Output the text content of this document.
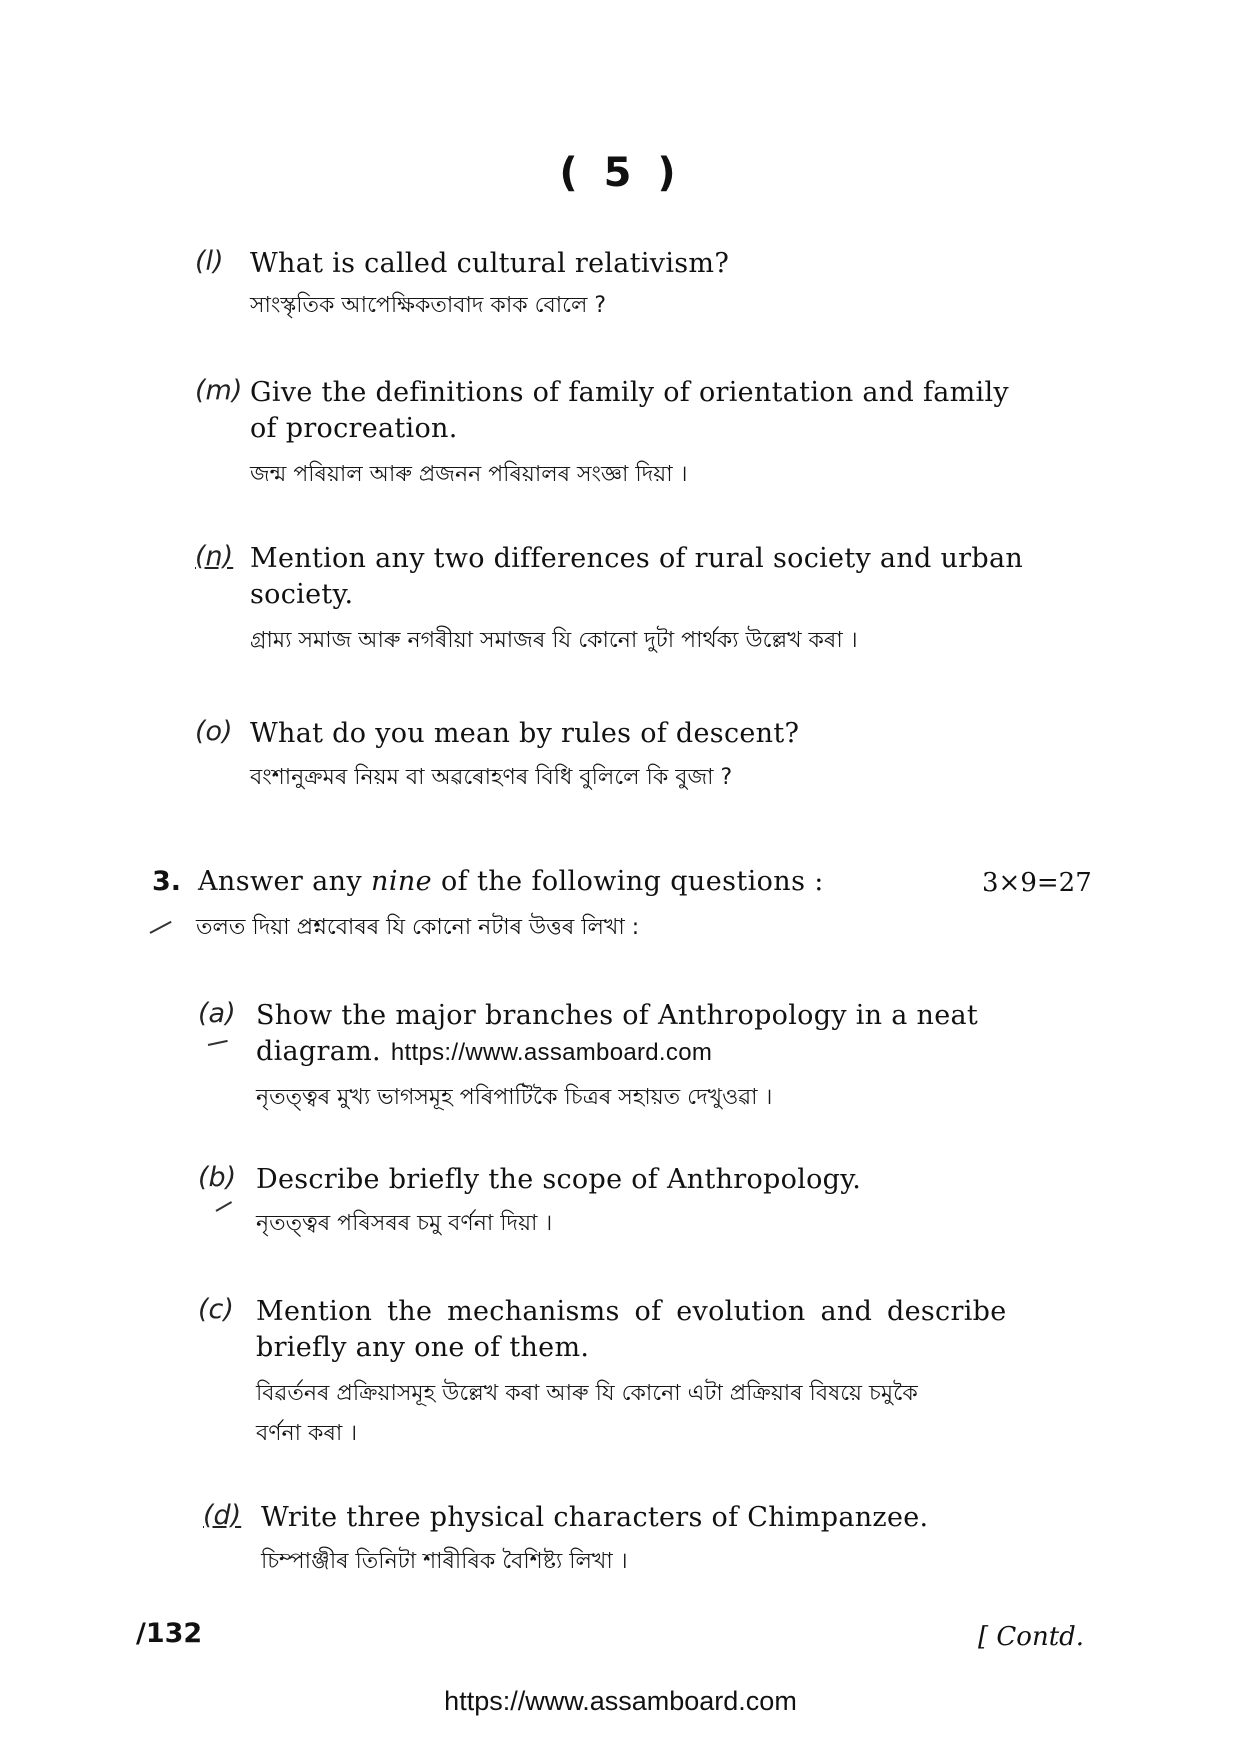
( 5 )
(l) What is called cultural relativism?
সাংস্কৃতিক আপেক্ষিকতাবাদ কাক বোলে ?
(m) Give the definitions of family of orientation and family
of procreation.
জন্ম পৰিয়াল আৰু প্ৰজনন পৰিয়ালৰ সংজ্ঞা দিয়া ।
(n) Mention any two differences of rural society and urban
society.
গ্ৰাম্য সমাজ আৰু নগৰীয়া সমাজৰ যি কোনো দুটা পাৰ্থক্য উল্লেখ কৰা ।
(o) What do you mean by rules of descent?
বংশানুক্ৰমৰ নিয়ম বা অৱৰোহণৰ বিধি বুলিলে কি বুজা ?
3. Answer any nine of the following questions :	3×9=27
তলত দিয়া প্ৰশ্নবোৰৰ যি কোনো নটাৰ উত্তৰ লিখা :
(a) Show the major branches of Anthropology in a neat
diagram. https://www.assamboard.com
নৃতত্ত্বৰ মুখ্য ভাগসমূহ পৰিপাটিকৈ চিত্ৰৰ সহায়ত দেখুওৱা ।
(b) Describe briefly the scope of Anthropology.
নৃতত্ত্বৰ পৰিসৰৰ চমু বৰ্ণনা দিয়া ।
(c) Mention the mechanisms of evolution and describe
briefly any one of them.
বিৱৰ্তনৰ প্ৰক্ৰিয়াসমূহ উল্লেখ কৰা আৰু যি কোনো এটা প্ৰক্ৰিয়াৰ বিষয়ে চমুকৈ
বৰ্ণনা কৰা ।
(d) Write three physical characters of Chimpanzee.
চিম্পাঞ্জীৰ তিনিটা শাৰীৰিক বৈশিষ্ট্য লিখা ।
/132	[ Contd.
https://www.assamboard.com
